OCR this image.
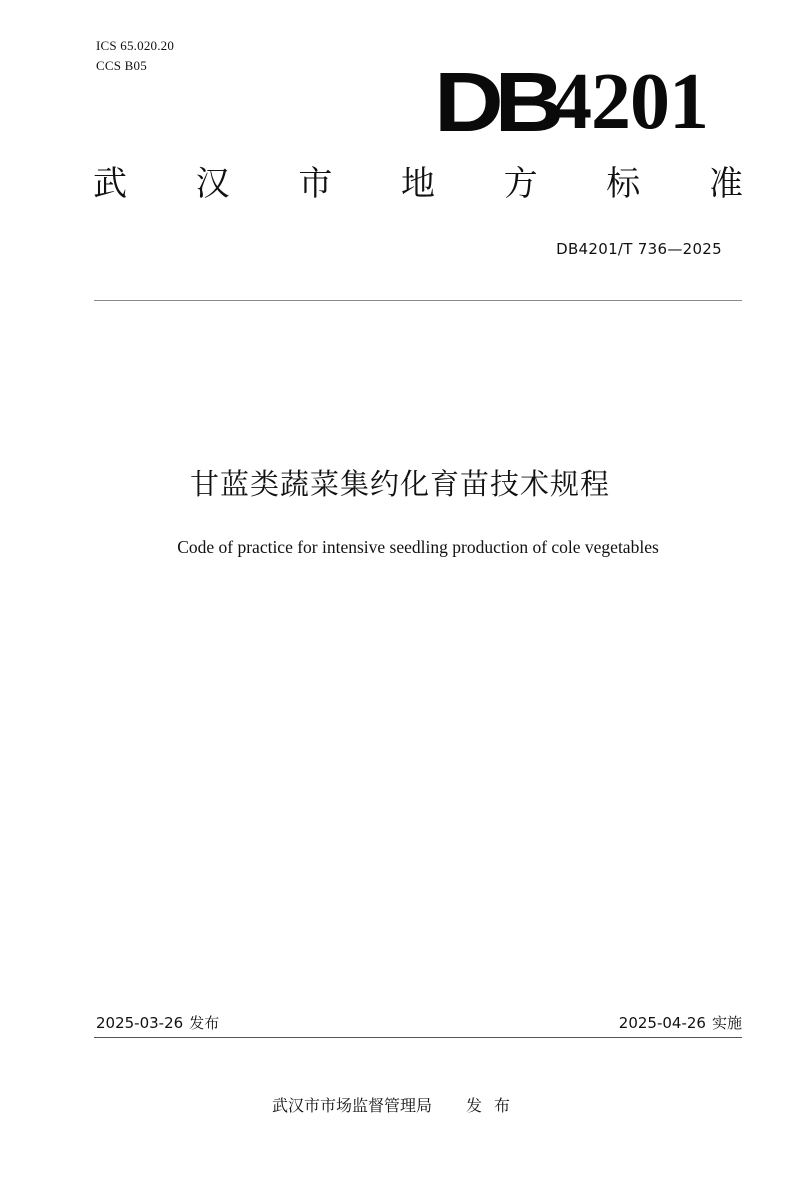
ICS 65.020.20
CCS B05	DB
4201
武 汉 市 地 方 标 准
DB4201/T 736—2025
甘蓝类蔬菜集约化育苗技术规程
Code of practice for intensive seedling production of cole vegetables
2025-03-26 发布	2025-04-26 实施
武汉市市场监督管理局 发布
